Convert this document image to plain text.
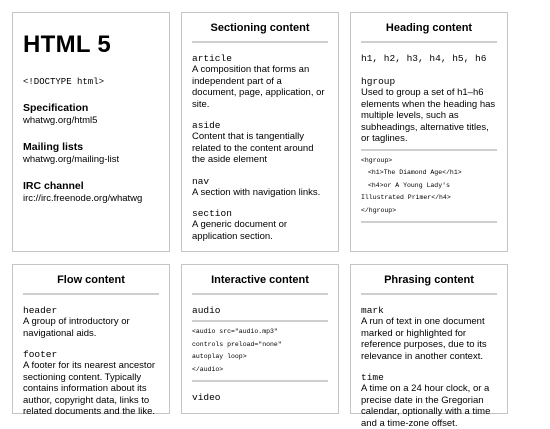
HTML 5
<!DOCTYPE html>
Specification
whatwg.org/html5
Mailing lists
whatwg.org/mailing-list
IRC channel
irc://irc.freenode.org/whatwg
Sectioning content
article
A composition that forms an independent part of a document, page, application, or site.
aside
Content that is tangentially related to the content around the aside element
nav
A section with navigation links.
section
A generic document or application section.
Heading content
h1, h2, h3, h4, h5, h6
hgroup
Used to group a set of h1–h6 elements when the heading has multiple levels, such as subheadings, alternative titles, or taglines.
<hgroup>
<h1>The Diamond Age</h1>
<h4>or A Young Lady's
Illustrated Primer</h4>
</hgroup>
Flow content
header
A group of introductory or navigational aids.
footer
A footer for its nearest ancestor sectioning content. Typically contains information about its author, copyright data, links to related documents and the like.
Interactive content
audio
<audio src="audio.mp3"
controls preload="none"
autoplay loop>
</audio>
video
Phrasing content
mark
A run of text in one document marked or highlighted for reference purposes, due to its relevance in another context.
time
A time on a 24 hour clock, or a precise date in the Gregorian calendar, optionally with a time and a time-zone offset.
